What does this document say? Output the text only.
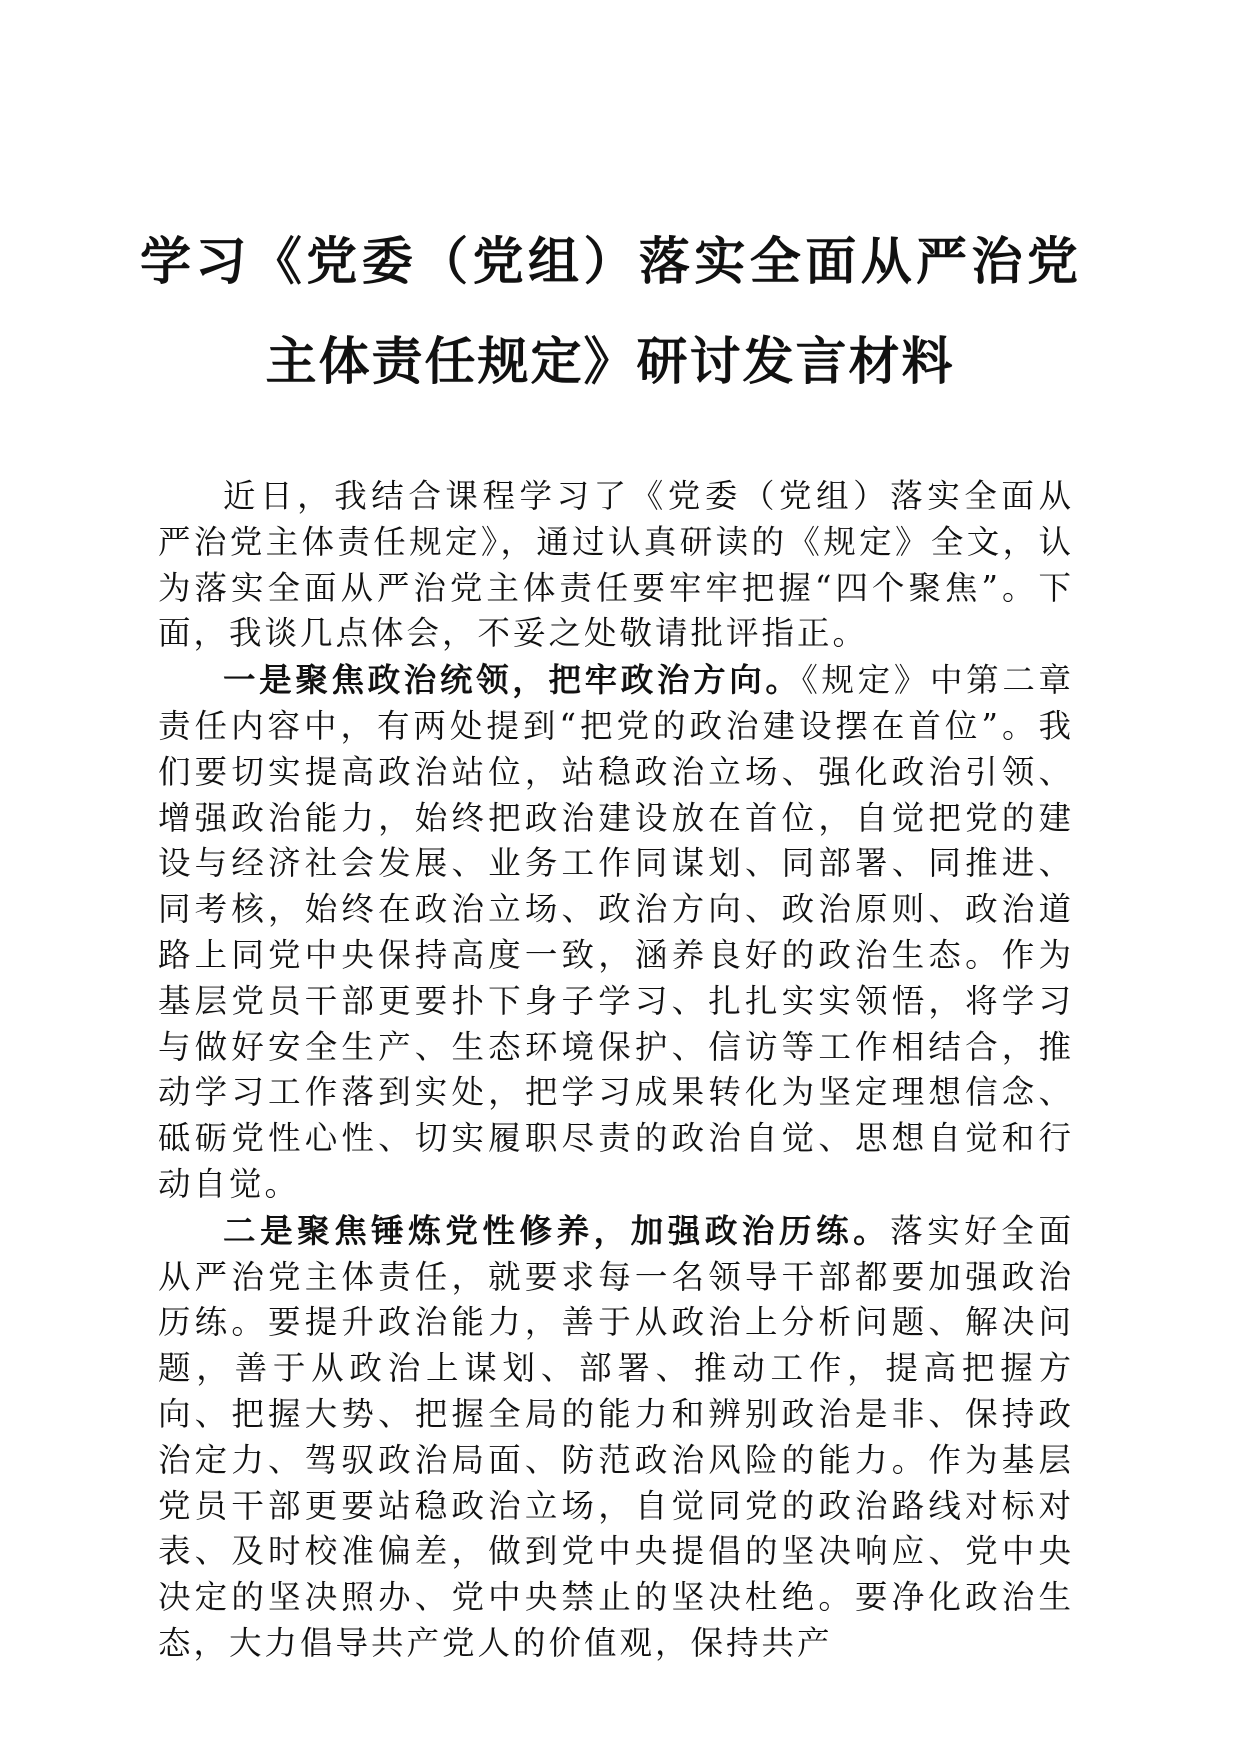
学习《党委（党组）落实全面从严治党主体责任规定》研讨发言材料

近日，我结合课程学习了《党委（党组）落实全面从严治党主体责任规定》，通过认真研读的《规定》全文，认为落实全面从严治党主体责任要牢牢把握“四个聚焦”。下面，我谈几点体会，不妥之处敬请批评指正。

一是聚焦政治统领，把牢政治方向。《规定》中第二章责任内容中，有两处提到“把党的政治建设摆在首位”。我们要切实提高政治站位，站稳政治立场、强化政治引领、增强政治能力，始终把政治建设放在首位，自觉把党的建设与经济社会发展、业务工作同谋划、同部署、同推进、同考核，始终在政治立场、政治方向、政治原则、政治道路上同党中央保持高度一致，涵养良好的政治生态。作为基层党员干部更要扑下身子学习、扎扎实实领悟，将学习与做好安全生产、生态环境保护、信访等工作相结合，推动学习工作落到实处，把学习成果转化为坚定理想信念、砥砺党性心性、切实履职尽责的政治自觉、思想自觉和行动自觉。

二是聚焦锤炼党性修养，加强政治历练。落实好全面从严治党主体责任，就要求每一名领导干部都要加强政治历练。要提升政治能力，善于从政治上分析问题、解决问题，善于从政治上谋划、部署、推动工作，提高把握方向、把握大势、把握全局的能力和辨别政治是非、保持政治定力、驾驭政治局面、防范政治风险的能力。作为基层党员干部更要站稳政治立场，自觉同党的政治路线对标对表、及时校准偏差，做到党中央提倡的坚决响应、党中央决定的坚决照办、党中央禁止的坚决杜绝。要净化政治生态，大力倡导共产党人的价值观，保持共产
